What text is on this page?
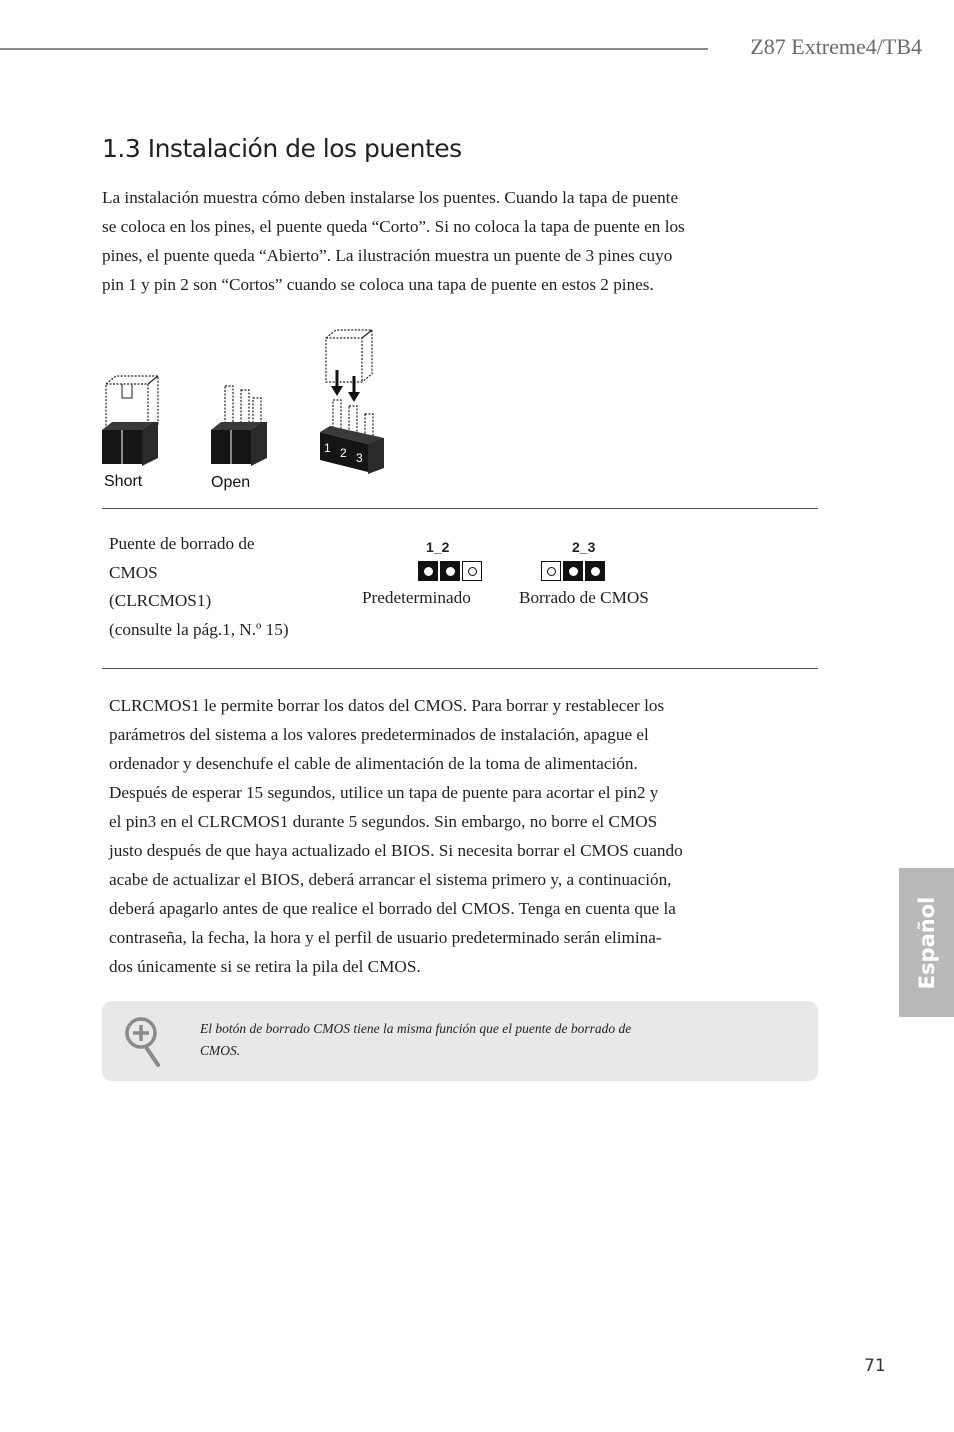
Z87 Extreme4/TB4
1.3 Instalación de los puentes
La instalación muestra cómo deben instalarse los puentes. Cuando la tapa de puente
se coloca en los pines, el puente queda “Corto”. Si no coloca la tapa de puente en los
pines, el puente queda “Abierto”. La ilustración muestra un puente de 3 pines cuyo
pin 1 y pin 2 son “Cortos” cuando se coloca una tapa de puente en estos 2 pines.
1 2 3
Short	Open
Puente de borrado de
CMOS
(CLRCMOS1)
(consulte la pág.1, N.º 15)
1_2
Predeterminado
2_3
Borrado de CMOS
CLRCMOS1 le permite borrar los datos del CMOS. Para borrar y restablecer los
parámetros del sistema a los valores predeterminados de instalación, apague el
ordenador y desenchufe el cable de alimentación de la toma de alimentación.
Después de esperar 15 segundos, utilice un tapa de puente para acortar el pin2 y
el pin3 en el CLRCMOS1 durante 5 segundos. Sin embargo, no borre el CMOS
justo después de que haya actualizado el BIOS. Si necesita borrar el CMOS cuando
acabe de actualizar el BIOS, deberá arrancar el sistema primero y, a continuación,
deberá apagarlo antes de que realice el borrado del CMOS. Tenga en cuenta que la
contraseña, la fecha, la hora y el perfil de usuario predeterminado serán elimina-
dos únicamente si se retira la pila del CMOS.
El botón de borrado CMOS tiene la misma función que el puente de borrado de
CMOS.
Español
71
